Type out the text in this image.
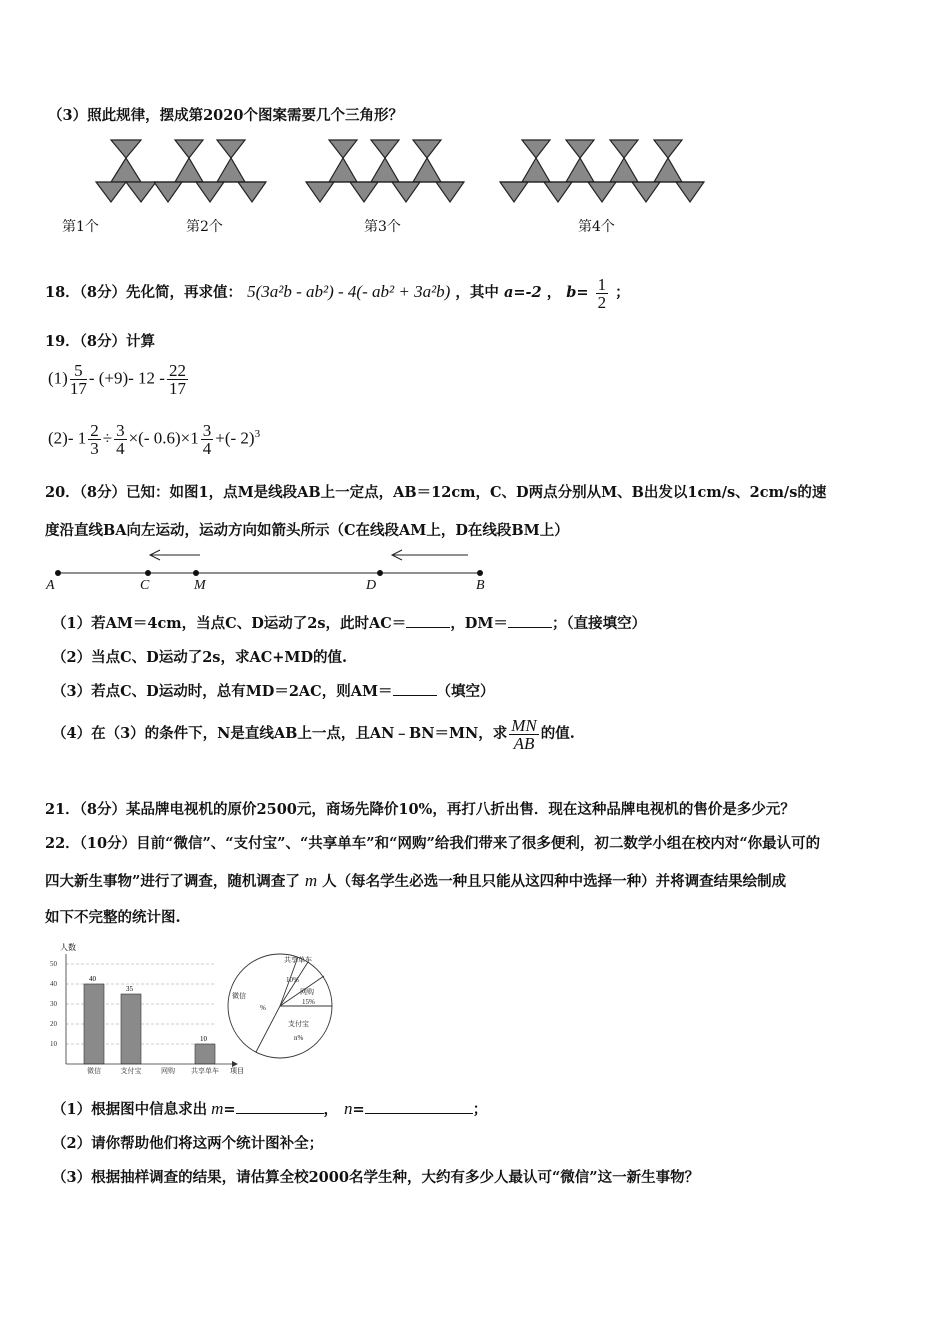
（3）照此规律，摆成第2020个图案需要几个三角形？
第1个	第2个	第3个	第4个
18．（8分）先化简，再求值： 5(3a²b - ab²) - 4(- ab² + 3a²b) ，其中 a=-2 ， $b= \frac{1}{2}$ ；
19．（8分）计算
$(1) \frac{5}{17} - (+9)-$ $12 - \frac{22}{17}$
(2)- $1 \frac{2}{3} \div \frac{3}{4}$ ×(- $0.6)\times 1 \frac{3}{4}$ +(- 2)$^3$
20．（8分）已知：如图1，点M是线段AB上一定点，AB＝12cm，C、D两点分别从M、B出发以1cm/s、2cm/s的速
度沿直线BA向左运动，运动方向如箭头所示（C在线段AM上，D在线段BM上）
A	C	M	D	B
（1）若AM＝4cm，当点C、D运动了2s，此时AC＝	，DM＝	；（直接填空）
（2）当点C、D运动了2s，求AC+MD的值.
（3）若点C、D运动时，总有MD＝2AC，则AM＝	（填空）
（4）在（3）的条件下，N是直线AB上一点，且AN﹣BN＝MN，求 $\frac{MN}{AB}$ 的值.
21．（8分）某品牌电视机的原价2500元，商场先降价10%，再打八折出售．现在这种品牌电视机的售价是多少元？
22．（10分）目前“微信”、“支付宝”、“共享单车”和“网购”给我们带来了很多便利，初二数学小组在校内对“你最认可的
四大新生事物”进行了调查，随机调查了 m 人（每名学生必选一种且只能从这四种中选择一种）并将调查结果绘制成
如下不完整的统计图.
人数
项目
50
40
30
20
10
40
35
10
微信	支付宝	网购 共享单车
微信
%
共享单车
10%
网购
15%
支付宝
n%
（1）根据图中信息求出 m=	， n=	；
（2）请你帮助他们将这两个统计图补全；
（3）根据抽样调查的结果，请估算全校2000名学生种，大约有多少人最认可“微信”这一新生事物？
